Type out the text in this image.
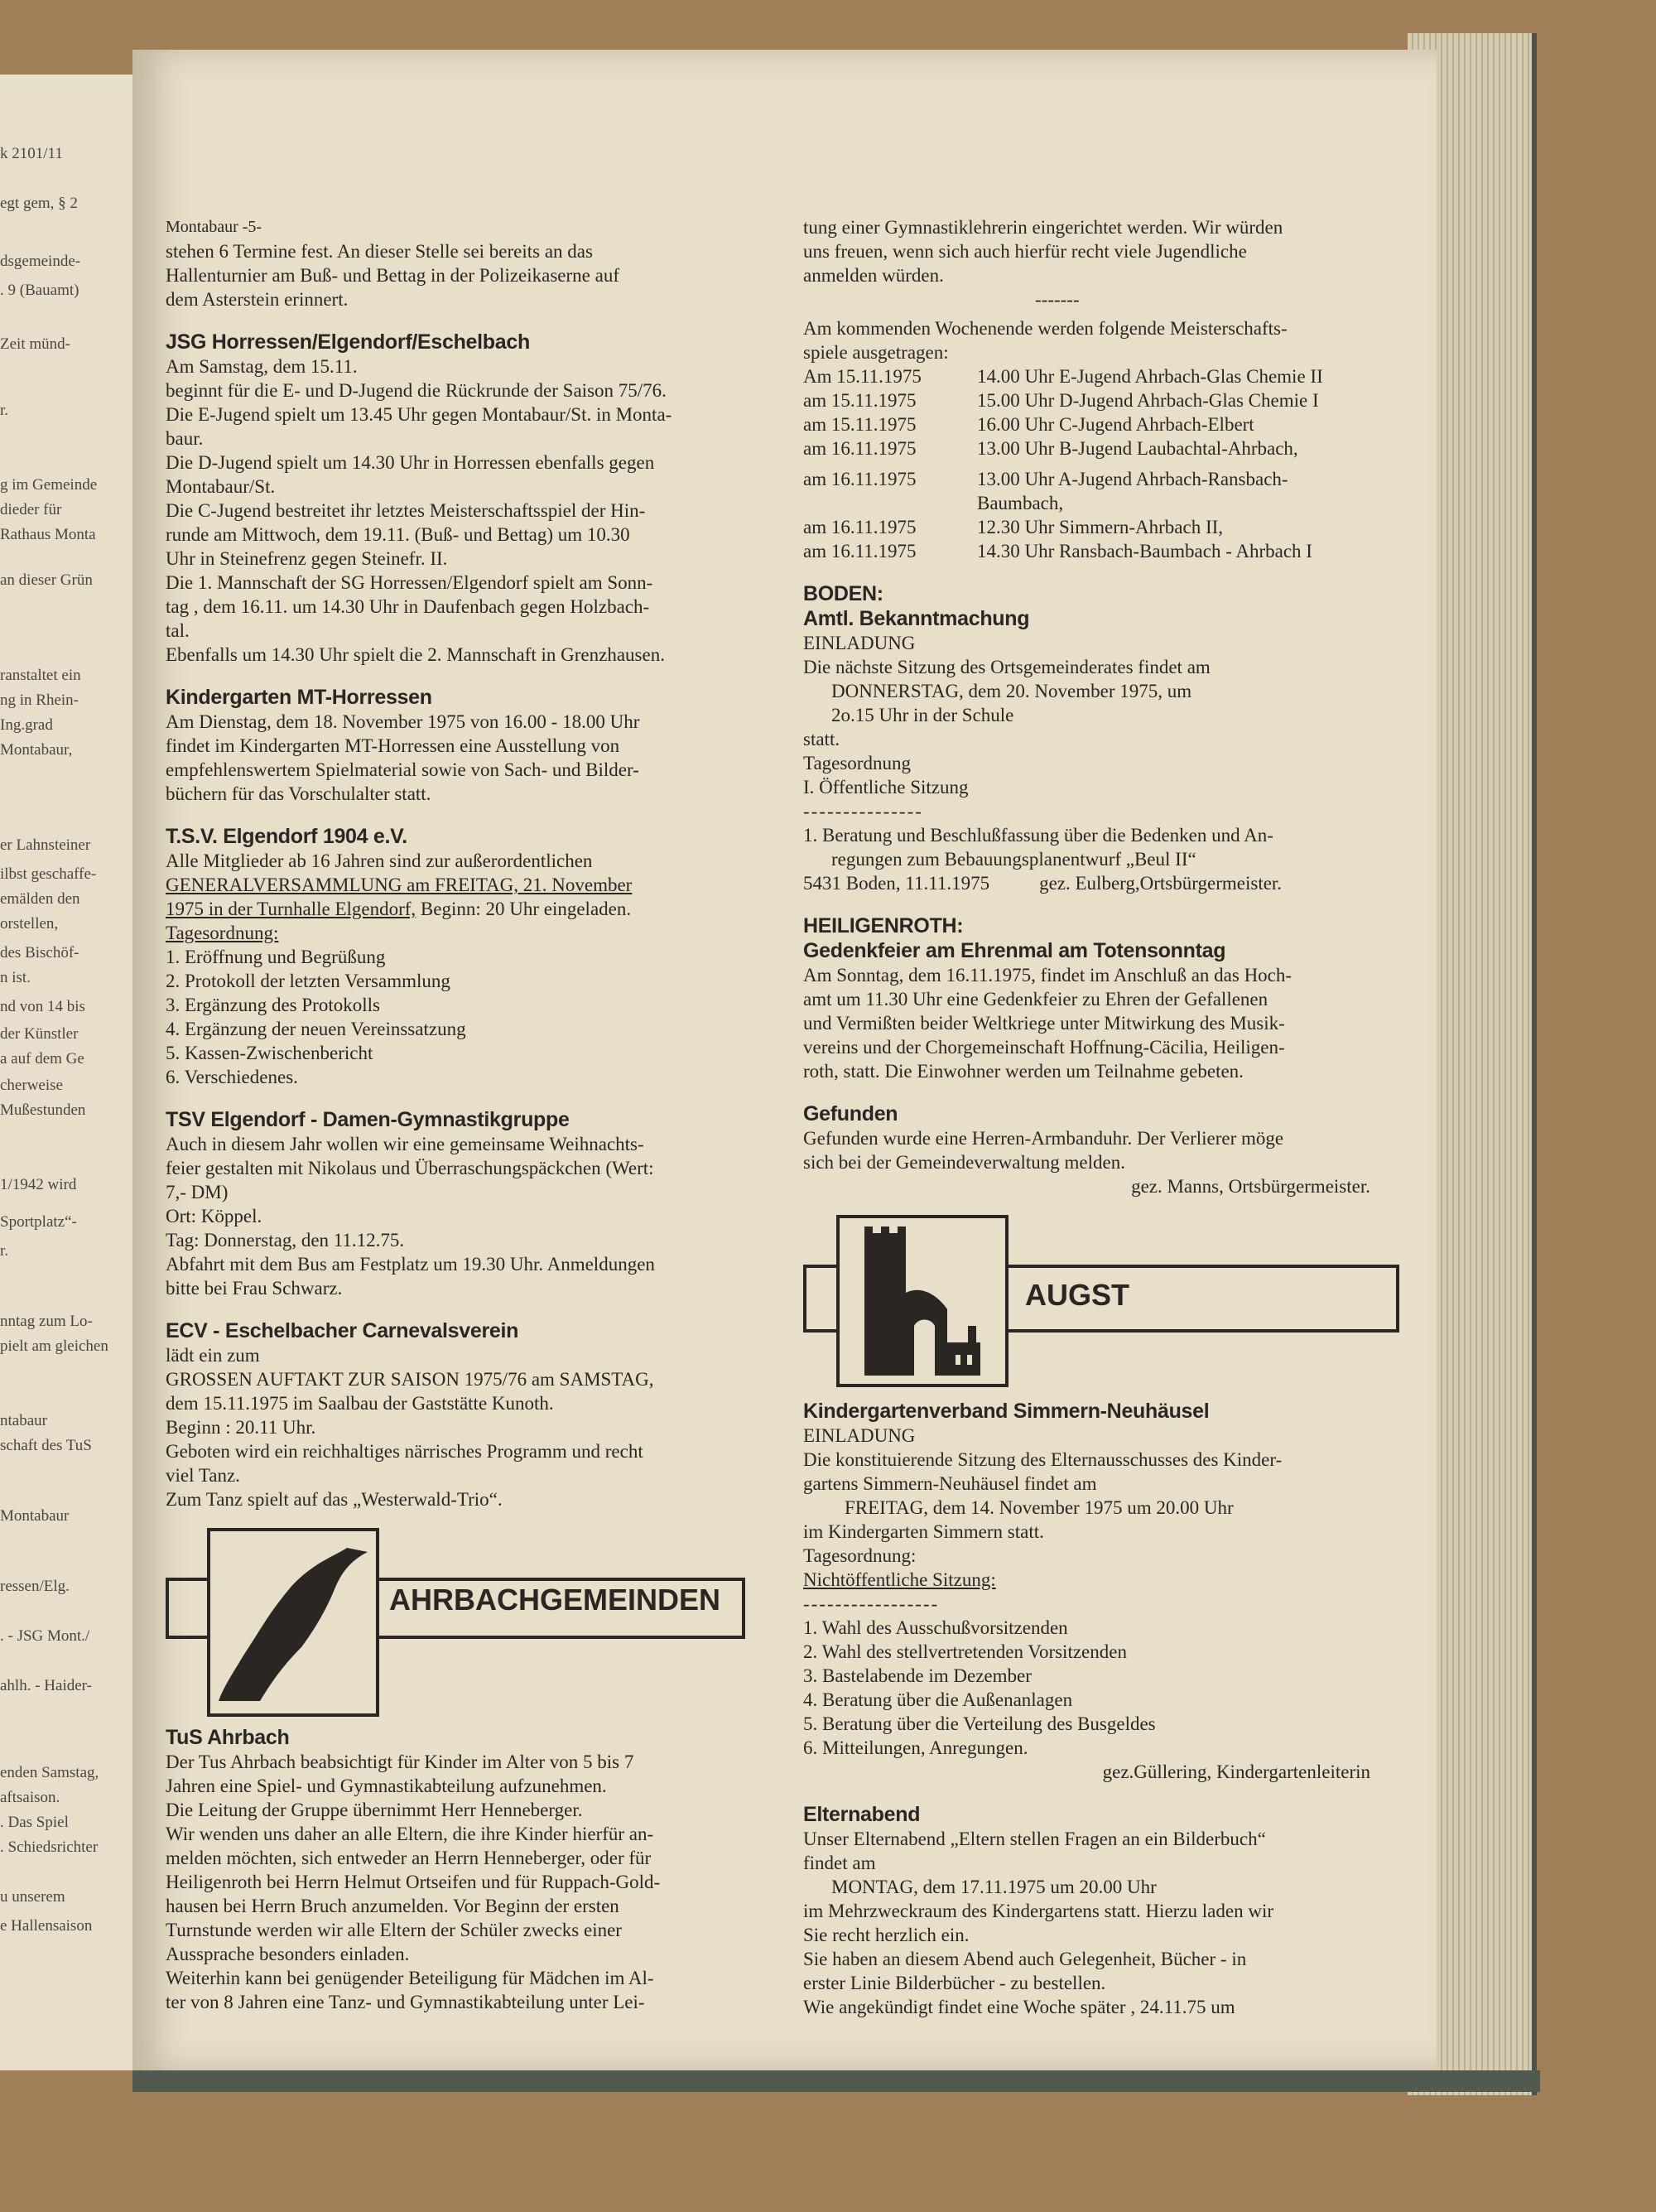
k 2101/11
egt gem, § 2
dsgemeinde-
. 9 (Bauamt)
Zeit münd-
r.
g im Gemeinde
dieder für
Rathaus Monta
an dieser Grün
ranstaltet ein
ng in Rhein-
Ing.grad
Montabaur,
er Lahnsteiner
ilbst geschaffe-
emälden den
orstellen,
des Bischöf-
n ist.
nd von 14 bis
der Künstler
a auf dem Ge
cherweise
Mußestunden
1/1942 wird
Sportplatz“-
r.
nntag zum Lo-
pielt am gleichen
ntabaur
schaft des TuS
Montabaur
ressen/Elg.
. - JSG Mont./
ahlh. - Haider-
enden Samstag,
aftsaison.
. Das Spiel
. Schiedsrichter
u unserem
e Hallensaison
Montabaur -5-
stehen 6 Termine fest. An dieser Stelle sei bereits an das
Hallenturnier am Buß- und Bettag in der Polizeikaserne auf
dem Asterstein erinnert.
JSG Horressen/Elgendorf/Eschelbach
Am Samstag, dem 15.11.
beginnt für die E- und D-Jugend die Rückrunde der Saison 75/76.
Die E-Jugend spielt um 13.45 Uhr gegen Montabaur/St. in Monta-
baur.
Die D-Jugend spielt um 14.30 Uhr in Horressen ebenfalls gegen
Montabaur/St.
Die C-Jugend bestreitet ihr letztes Meisterschaftsspiel der Hin-
runde am Mittwoch, dem 19.11. (Buß- und Bettag) um 10.30
Uhr in Steinefrenz gegen Steinefr. II.
Die 1. Mannschaft der SG Horressen/Elgendorf spielt am Sonn-
tag , dem 16.11. um 14.30 Uhr in Daufenbach gegen Holzbach-
tal.
Ebenfalls um 14.30 Uhr spielt die 2. Mannschaft in Grenzhausen.
Kindergarten MT-Horressen
Am Dienstag, dem 18. November 1975 von 16.00 - 18.00 Uhr
findet im Kindergarten MT-Horressen eine Ausstellung von
empfehlenswertem Spielmaterial sowie von Sach- und Bilder-
büchern für das Vorschulalter statt.
T.S.V. Elgendorf 1904 e.V.
Alle Mitglieder ab 16 Jahren sind zur außerordentlichen
GENERALVERSAMMLUNG am FREITAG, 21. November
1975 in der Turnhalle Elgendorf, Beginn: 20 Uhr eingeladen.
Tagesordnung:
1. Eröffnung und Begrüßung
2. Protokoll der letzten Versammlung
3. Ergänzung des Protokolls
4. Ergänzung der neuen Vereinssatzung
5. Kassen-Zwischenbericht
6. Verschiedenes.
TSV Elgendorf - Damen-Gymnastikgruppe
Auch in diesem Jahr wollen wir eine gemeinsame Weihnachts-
feier gestalten mit Nikolaus und Überraschungspäckchen (Wert:
7,- DM)
Ort: Köppel.
Tag: Donnerstag, den 11.12.75.
Abfahrt mit dem Bus am Festplatz um 19.30 Uhr. Anmeldungen
bitte bei Frau Schwarz.
ECV - Eschelbacher Carnevalsverein
lädt ein zum
GROSSEN AUFTAKT ZUR SAISON 1975/76 am SAMSTAG,
dem 15.11.1975 im Saalbau der Gaststätte Kunoth.
Beginn : 20.11 Uhr.
Geboten wird ein reichhaltiges närrisches Programm und recht
viel Tanz.
Zum Tanz spielt auf das „Westerwald-Trio“.
AHRBACHGEMEINDEN
TuS Ahrbach
Der Tus Ahrbach beabsichtigt für Kinder im Alter von 5 bis 7
Jahren eine Spiel- und Gymnastikabteilung aufzunehmen.
Die Leitung der Gruppe übernimmt Herr Henneberger.
Wir wenden uns daher an alle Eltern, die ihre Kinder hierfür an-
melden möchten, sich entweder an Herrn Henneberger, oder für
Heiligenroth bei Herrn Helmut Ortseifen und für Ruppach-Gold-
hausen bei Herrn Bruch anzumelden. Vor Beginn der ersten
Turnstunde werden wir alle Eltern der Schüler zwecks einer
Aussprache besonders einladen.
Weiterhin kann bei genügender Beteiligung für Mädchen im Al-
ter von 8 Jahren eine Tanz- und Gymnastikabteilung unter Lei-
tung einer Gymnastiklehrerin eingerichtet werden. Wir würden
uns freuen, wenn sich auch hierfür recht viele Jugendliche
anmelden würden.
-------
Am kommenden Wochenende werden folgende Meisterschafts-
spiele ausgetragen:
Am 15.11.1975	14.00 Uhr E-Jugend Ahrbach-Glas Chemie II
am 15.11.1975	15.00 Uhr D-Jugend Ahrbach-Glas Chemie I
am 15.11.1975	16.00 Uhr C-Jugend Ahrbach-Elbert
am 16.11.1975	13.00 Uhr B-Jugend Laubachtal-Ahrbach,
am 16.11.1975	13.00 Uhr A-Jugend Ahrbach-Ransbach-
	Baumbach,
am 16.11.1975	12.30 Uhr Simmern-Ahrbach II,
am 16.11.1975	14.30 Uhr Ransbach-Baumbach - Ahrbach I
BODEN:
Amtl. Bekanntmachung
EINLADUNG
Die nächste Sitzung des Ortsgemeinderates findet am
DONNERSTAG, dem 20. November 1975, um
2o.15 Uhr in der Schule
statt.
Tagesordnung
I. Öffentliche Sitzung
---------------
1. Beratung und Beschlußfassung über die Bedenken und An-
regungen zum Bebauungsplanentwurf „Beul II“
5431 Boden, 11.11.1975	gez. Eulberg,Ortsbürgermeister.
HEILIGENROTH:
Gedenkfeier am Ehrenmal am Totensonntag
Am Sonntag, dem 16.11.1975, findet im Anschluß an das Hoch-
amt um 11.30 Uhr eine Gedenkfeier zu Ehren der Gefallenen
und Vermißten beider Weltkriege unter Mitwirkung des Musik-
vereins und der Chorgemeinschaft Hoffnung-Cäcilia, Heiligen-
roth, statt. Die Einwohner werden um Teilnahme gebeten.
Gefunden
Gefunden wurde eine Herren-Armbanduhr. Der Verlierer möge
sich bei der Gemeindeverwaltung melden.
gez. Manns, Ortsbürgermeister.
AUGST
Kindergartenverband Simmern-Neuhäusel
EINLADUNG
Die konstituierende Sitzung des Elternausschusses des Kinder-
gartens Simmern-Neuhäusel findet am
FREITAG, dem 14. November 1975 um 20.00 Uhr
im Kindergarten Simmern statt.
Tagesordnung:
Nichtöffentliche Sitzung:
-----------------
1. Wahl des Ausschußvorsitzenden
2. Wahl des stellvertretenden Vorsitzenden
3. Bastelabende im Dezember
4. Beratung über die Außenanlagen
5. Beratung über die Verteilung des Busgeldes
6. Mitteilungen, Anregungen.
gez.Güllering, Kindergartenleiterin
Elternabend
Unser Elternabend „Eltern stellen Fragen an ein Bilderbuch“
findet am
MONTAG, dem 17.11.1975 um 20.00 Uhr
im Mehrzweckraum des Kindergartens statt. Hierzu laden wir
Sie recht herzlich ein.
Sie haben an diesem Abend auch Gelegenheit, Bücher - in
erster Linie Bilderbücher - zu bestellen.
Wie angekündigt findet eine Woche später , 24.11.75 um
